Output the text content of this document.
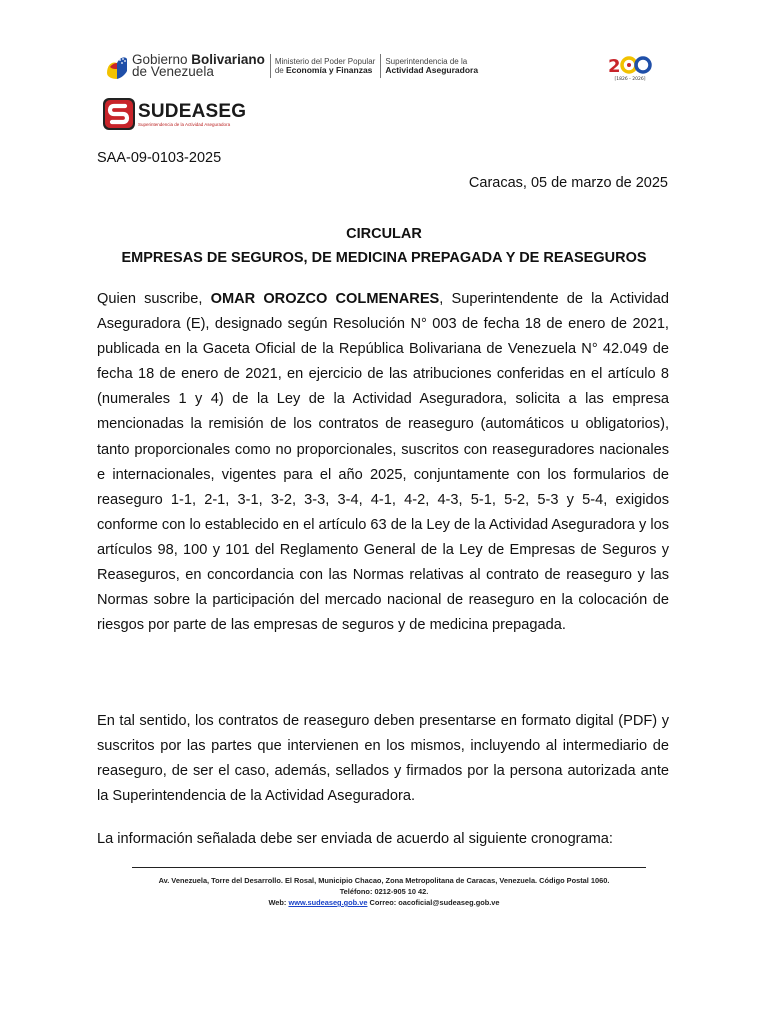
Gobierno Bolivariano
de Venezuela
Ministerio del Poder Popular
de Economía y Finanzas
Superintendencia de la
Actividad Aseguradora	2
[1826 - 2026]
SUDEASEG
Superintendencia de la Actividad Aseguradora
SAA-09-0103-2025
Caracas, 05 de marzo de 2025
CIRCULAR
EMPRESAS DE SEGUROS, DE MEDICINA PREPAGADA Y DE REASEGUROS
Quien suscribe, OMAR OROZCO COLMENARES, Superintendente de la Actividad Aseguradora (E), designado según Resolución N° 003 de fecha 18 de enero de 2021, publicada en la Gaceta Oficial de la República Bolivariana de Venezuela N° 42.049 de fecha 18 de enero de 2021, en ejercicio de las atribuciones conferidas en el artículo 8 (numerales 1 y 4) de la Ley de la Actividad Aseguradora, solicita a las empresa mencionadas la remisión de los contratos de reaseguro (automáticos u obligatorios), tanto proporcionales como no proporcionales, suscritos con reaseguradores nacionales e internacionales, vigentes para el año 2025, conjuntamente con los formularios de reaseguro 1-1, 2-1, 3-1, 3-2, 3-3, 3-4, 4-1, 4-2, 4-3, 5-1, 5-2, 5-3 y 5-4, exigidos conforme con lo establecido en el artículo 63 de la Ley de la Actividad Aseguradora y los artículos 98, 100 y 101 del Reglamento General de la Ley de Empresas de Seguros y Reaseguros, en concordancia con las Normas relativas al contrato de reaseguro y las Normas sobre la participación del mercado nacional de reaseguro en la colocación de riesgos por parte de las empresas de seguros y de medicina prepagada.
En tal sentido, los contratos de reaseguro deben presentarse en formato digital (PDF) y suscritos por las partes que intervienen en los mismos, incluyendo al intermediario de reaseguro, de ser el caso, además, sellados y firmados por la persona autorizada ante la Superintendencia de la Actividad Aseguradora.
La información señalada debe ser enviada de acuerdo al siguiente cronograma:
Av. Venezuela, Torre del Desarrollo. El Rosal, Municipio Chacao, Zona Metropolitana de Caracas, Venezuela. Código Postal 1060.
Teléfono: 0212-905 10 42.
Web: www.sudeaseg.gob.ve Correo: oacoficial@sudeaseg.gob.ve
